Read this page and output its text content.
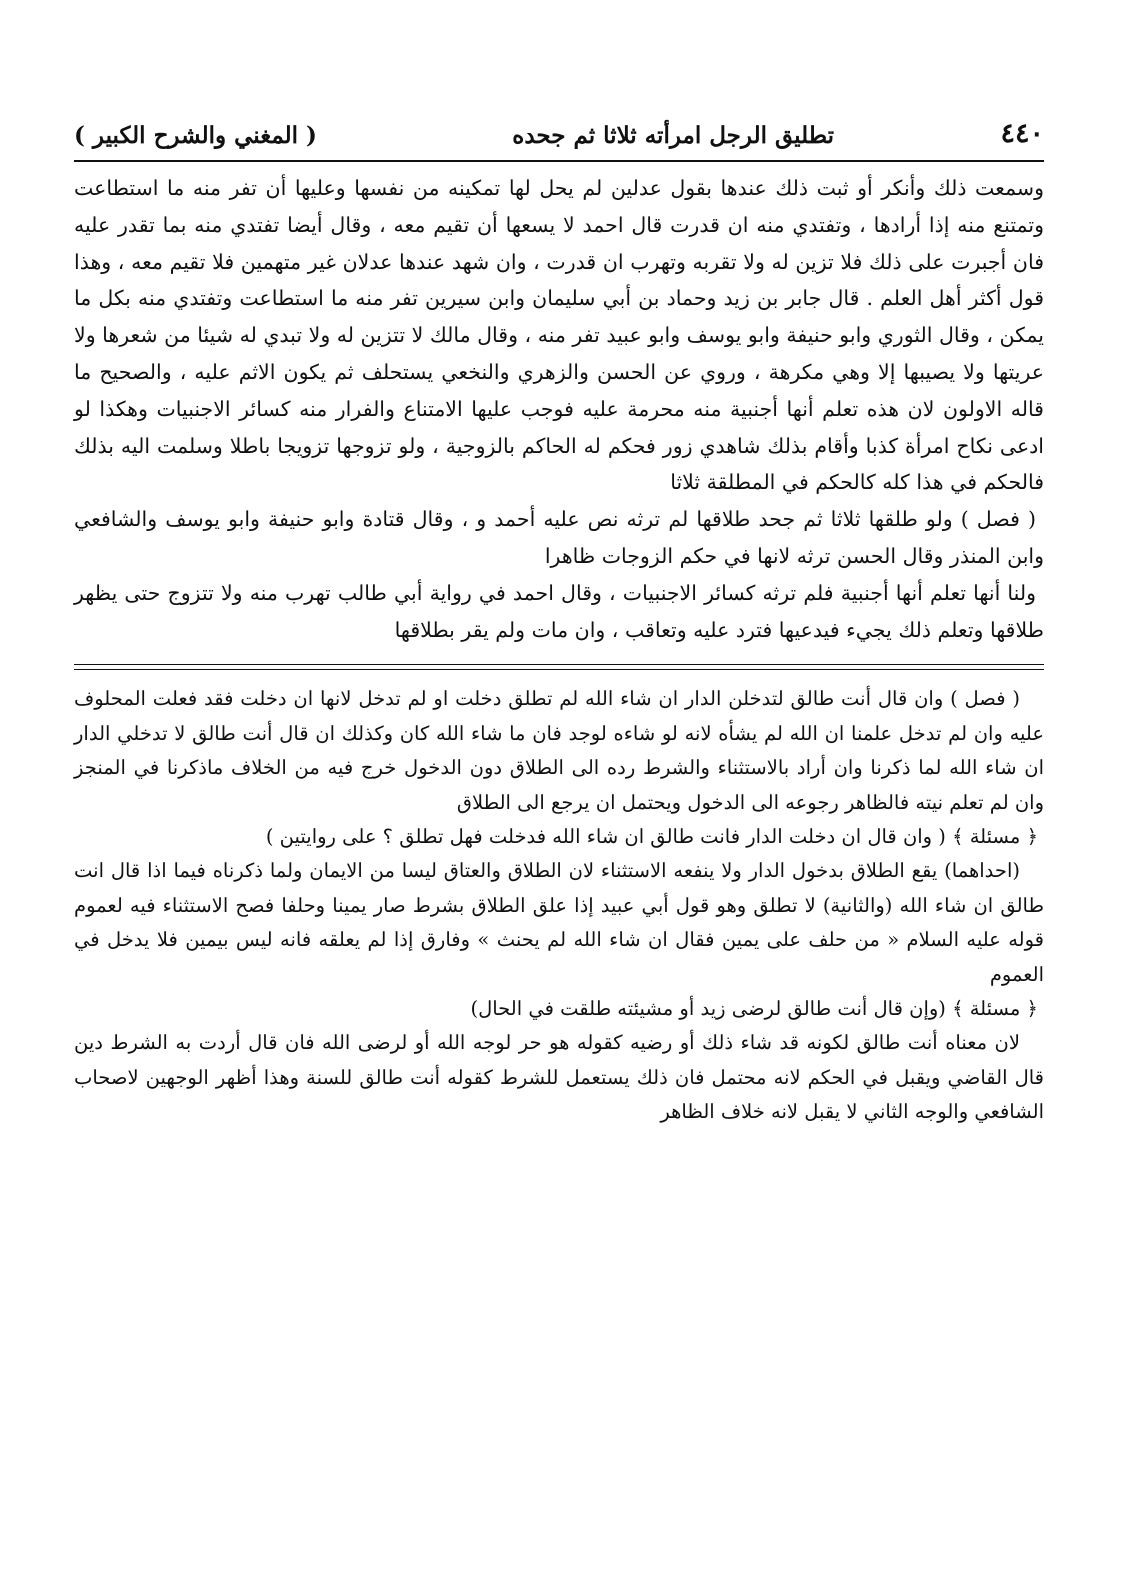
٤٤٠
تطليق الرجل امرأته ثلاثا ثم جحده
( المغني والشرح الكبير )

وسمعت ذلك وأنكر أو ثبت ذلك عندها بقول عدلين لم يحل لها تمكينه من نفسها وعليها أن تفر منه ما استطاعت وتمتنع منه إذا أرادها ، وتفتدي منه ان قدرت قال احمد لا يسعها أن تقيم معه ، وقال أيضا تفتدي منه بما تقدر عليه فان أجبرت على ذلك فلا تزين له ولا تقربه وتهرب ان قدرت ، وان شهد عندها عدلان غير متهمين فلا تقيم معه ، وهذا قول أكثر أهل العلم . قال جابر بن زيد وحماد بن أبي سليمان وابن سيرين تفر منه ما استطاعت وتفتدي منه بكل ما يمكن ، وقال الثوري وابو حنيفة وابو يوسف وابو عبيد تفر منه ، وقال مالك لا تتزين له ولا تبدي له شيئا من شعرها ولا عريتها ولا يصيبها إلا وهي مكرهة ، وروي عن الحسن والزهري والنخعي يستحلف ثم يكون الاثم عليه ، والصحيح ما قاله الاولون لان هذه تعلم أنها أجنبية منه محرمة عليه فوجب عليها الامتناع والفرار منه كسائر الاجنبيات وهكذا لو ادعى نكاح امرأة كذبا وأقام بذلك شاهدي زور فحكم له الحاكم بالزوجية ، ولو تزوجها تزويجا باطلا وسلمت اليه بذلك فالحكم في هذا كله كالحكم في المطلقة ثلاثا

( فصل ) ولو طلقها ثلاثا ثم جحد طلاقها لم ترثه نص عليه أحمد و ، وقال قتادة وابو حنيفة وابو يوسف والشافعي وابن المنذر وقال الحسن ترثه لانها في حكم الزوجات ظاهرا

ولنا أنها تعلم أنها أجنبية فلم ترثه كسائر الاجنبيات ، وقال احمد في رواية أبي طالب تهرب منه ولا تتزوج حتى يظهر طلاقها وتعلم ذلك يجيء فيدعيها فترد عليه وتعاقب ، وان مات ولم يقر بطلاقها

( فصل ) وان قال أنت طالق لتدخلن الدار ان شاء الله لم تطلق دخلت او لم تدخل لانها ان دخلت فقد فعلت المحلوف عليه وان لم تدخل علمنا ان الله لم يشأه لانه لو شاءه لوجد فان ما شاء الله كان وكذلك ان قال أنت طالق لا تدخلي الدار ان شاء الله لما ذكرنا وان أراد بالاستثناء والشرط رده الى الطلاق دون الدخول خرج فيه من الخلاف ماذكرنا في المنجز وان لم تعلم نيته فالظاهر رجوعه الى الدخول ويحتمل ان يرجع الى الطلاق

﴿ مسئلة ﴾ ( وان قال ان دخلت الدار فانت طالق ان شاء الله فدخلت فهل تطلق ؟ على روايتين )

(احداهما) يقع الطلاق بدخول الدار ولا ينفعه الاستثناء لان الطلاق والعتاق ليسا من الايمان ولما ذكرناه فيما اذا قال انت طالق ان شاء الله (والثانية) لا تطلق وهو قول أبي عبيد إذا علق الطلاق بشرط صار يمينا وحلفا فصح الاستثناء فيه لعموم قوله عليه السلام « من حلف على يمين فقال ان شاء الله لم يحنث » وفارق إذا لم يعلقه فانه ليس بيمين فلا يدخل في العموم

﴿ مسئلة ﴾ (وإن قال أنت طالق لرضى زيد أو مشيئته طلقت في الحال)

لان معناه أنت طالق لكونه قد شاء ذلك أو رضيه كقوله هو حر لوجه الله أو لرضى الله فان قال أردت به الشرط دين قال القاضي ويقبل في الحكم لانه محتمل فان ذلك يستعمل للشرط كقوله أنت طالق للسنة وهذا أظهر الوجهين لاصحاب الشافعي والوجه الثاني لا يقبل لانه خلاف الظاهر
